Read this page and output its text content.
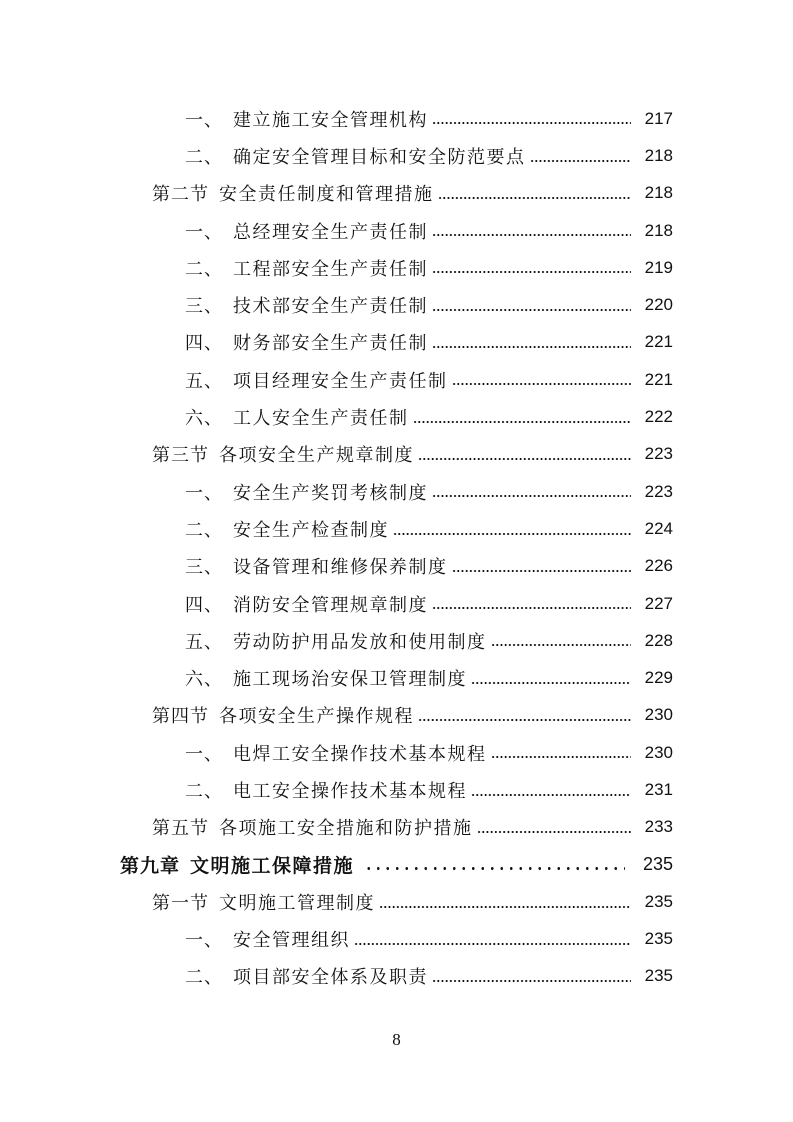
一、 建立施工安全管理机构	217
二、 确定安全管理目标和安全防范要点	218
第二节 安全责任制度和管理措施	218
一、 总经理安全生产责任制	218
二、 工程部安全生产责任制	219
三、 技术部安全生产责任制	220
四、 财务部安全生产责任制	221
五、 项目经理安全生产责任制	221
六、 工人安全生产责任制	222
第三节 各项安全生产规章制度	223
一、 安全生产奖罚考核制度	223
二、 安全生产检查制度	224
三、 设备管理和维修保养制度	226
四、 消防安全管理规章制度	227
五、 劳动防护用品发放和使用制度	228
六、 施工现场治安保卫管理制度	229
第四节 各项安全生产操作规程	230
一、 电焊工安全操作技术基本规程	230
二、 电工安全操作技术基本规程	231
第五节 各项施工安全措施和防护措施	233
第九章 文明施工保障措施	235
第一节 文明施工管理制度	235
一、 安全管理组织	235
二、 项目部安全体系及职责	235
8
